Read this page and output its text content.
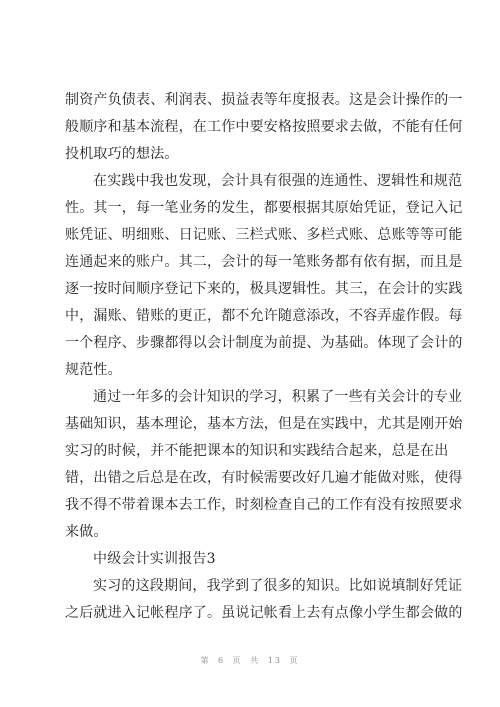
制资产负债表、利润表、损益表等年度报表。这是会计操作的一
般顺序和基本流程，在工作中要安格按照要求去做，不能有任何
投机取巧的想法。
在实践中我也发现，会计具有很强的连通性、逻辑性和规范
性。其一，每一笔业务的发生，都要根据其原始凭证，登记入记
账凭证、明细账、日记账、三栏式账、多栏式账、总账等等可能
连通起来的账户。其二，会计的每一笔账务都有依有据，而且是
逐一按时间顺序登记下来的，极具逻辑性。其三，在会计的实践
中，漏账、错账的更正，都不允许随意添改，不容弄虚作假。每
一个程序、步骤都得以会计制度为前提、为基础。体现了会计的
规范性。
通过一年多的会计知识的学习，积累了一些有关会计的专业
基础知识，基本理论，基本方法，但是在实践中，尤其是刚开始
实习的时候，并不能把课本的知识和实践结合起来，总是在出
错，出错之后总是在改，有时候需要改好几遍才能做对账，使得
我不得不带着课本去工作，时刻检查自己的工作有没有按照要求
来做。
中级会计实训报告3
实习的这段期间，我学到了很多的知识。比如说填制好凭证
之后就进入记帐程序了。虽说记帐看上去有点像小学生都会做的
第 6 页 共 13 页
